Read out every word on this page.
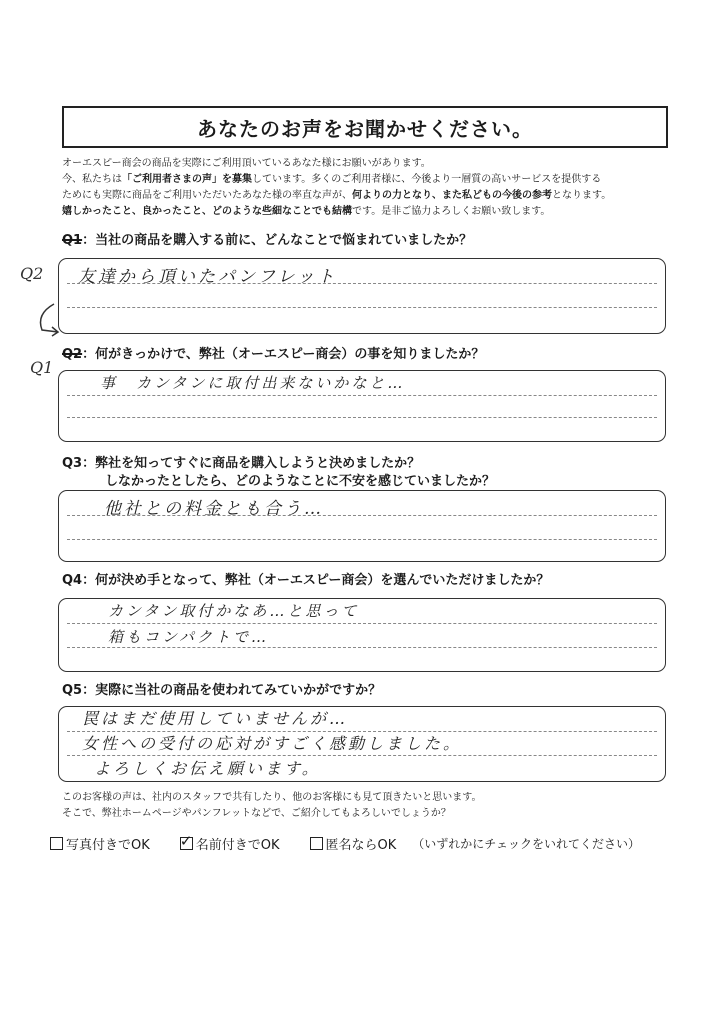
あなたのお声をお聞かせください。

オーエスピー商会の商品を実際にご利用頂いているあなた様にお願いがあります。

今、私たちは「ご利用者さまの声」を募集しています。多くのご利用者様に、今後より一層質の高いサービスを提供する

ためにも実際に商品をご利用いただいたあなた様の率直な声が、何よりの力となり、また私どもの今後の参考となります。

嬉しかったこと、良かったこと、どのような些細なことでも結構です。是非ご協力よろしくお願い致します。

Q1：当社の商品を購入する前に、どんなことで悩まれていましたか？
Q2 友達から頂いたパンフレット
Q2：何がきっかけで、弊社（オーエスピー商会）の事を知りましたか？
Q1
事　カンタンに取付出来ないかなと…
Q3：弊社を知ってすぐに商品を購入しようと決めましたか？
しなかったとしたら、どのようなことに不安を感じていましたか？
他社との料金とも合う…
Q4：何が決め手となって、弊社（オーエスピー商会）を選んでいただけましたか？
カンタン取付かなあ…と思って
箱もコンパクトで…
Q5：実際に当社の商品を使われてみていかがですか？
罠はまだ使用していませんが…
女性への受付の応対がすごく感動しました。
よろしくお伝え願います。

このお客様の声は、社内のスタッフで共有したり、他のお客様にも見て頂きたいと思います。

そこで、弊社ホームページやパンフレットなどで、ご紹介してもよろしいでしょうか？

写真付きでOK ✓ 名前付きでOK	匿名ならOK （いずれかにチェックをいれてください）
